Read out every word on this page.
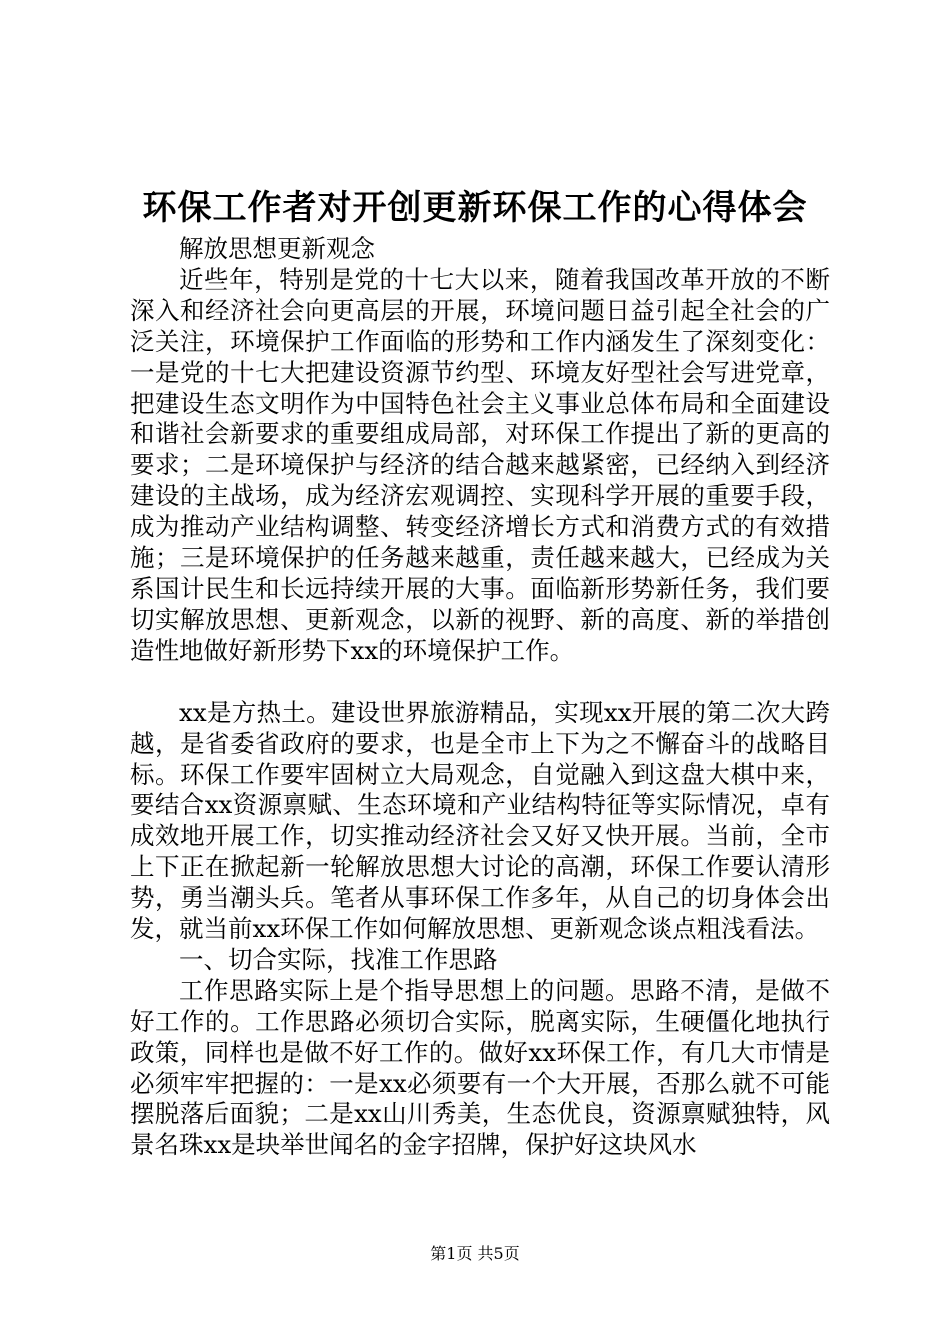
环保工作者对开创更新环保工作的心得体会

解放思想更新观念

近些年，特别是党的十七大以来，随着我国改革开放的不断深入和经济社会向更高层的开展，环境问题日益引起全社会的广泛关注，环境保护工作面临的形势和工作内涵发生了深刻变化：一是党的十七大把建设资源节约型、环境友好型社会写进党章，把建设生态文明作为中国特色社会主义事业总体布局和全面建设和谐社会新要求的重要组成局部，对环保工作提出了新的更高的要求；二是环境保护与经济的结合越来越紧密，已经纳入到经济建设的主战场，成为经济宏观调控、实现科学开展的重要手段，成为推动产业结构调整、转变经济增长方式和消费方式的有效措施；三是环境保护的任务越来越重，责任越来越大，已经成为关系国计民生和长远持续开展的大事。面临新形势新任务，我们要切实解放思想、更新观念，以新的视野、新的高度、新的举措创造性地做好新形势下xx的环境保护工作。

xx是方热土。建设世界旅游精品，实现xx开展的第二次大跨越，是省委省政府的要求，也是全市上下为之不懈奋斗的战略目标。环保工作要牢固树立大局观念，自觉融入到这盘大棋中来，要结合xx资源禀赋、生态环境和产业结构特征等实际情况，卓有成效地开展工作，切实推动经济社会又好又快开展。当前，全市上下正在掀起新一轮解放思想大讨论的高潮，环保工作要认清形势，勇当潮头兵。笔者从事环保工作多年，从自己的切身体会出发，就当前xx环保工作如何解放思想、更新观念谈点粗浅看法。

一、切合实际，找准工作思路

工作思路实际上是个指导思想上的问题。思路不清，是做不好工作的。工作思路必须切合实际，脱离实际，生硬僵化地执行政策，同样也是做不好工作的。做好xx环保工作，有几大市情是必须牢牢把握的：一是xx必须要有一个大开展，否那么就不可能摆脱落后面貌；二是xx山川秀美，生态优良，资源禀赋独特，风景名珠xx是块举世闻名的金字招牌，保护好这块风水

第1页 共5页
